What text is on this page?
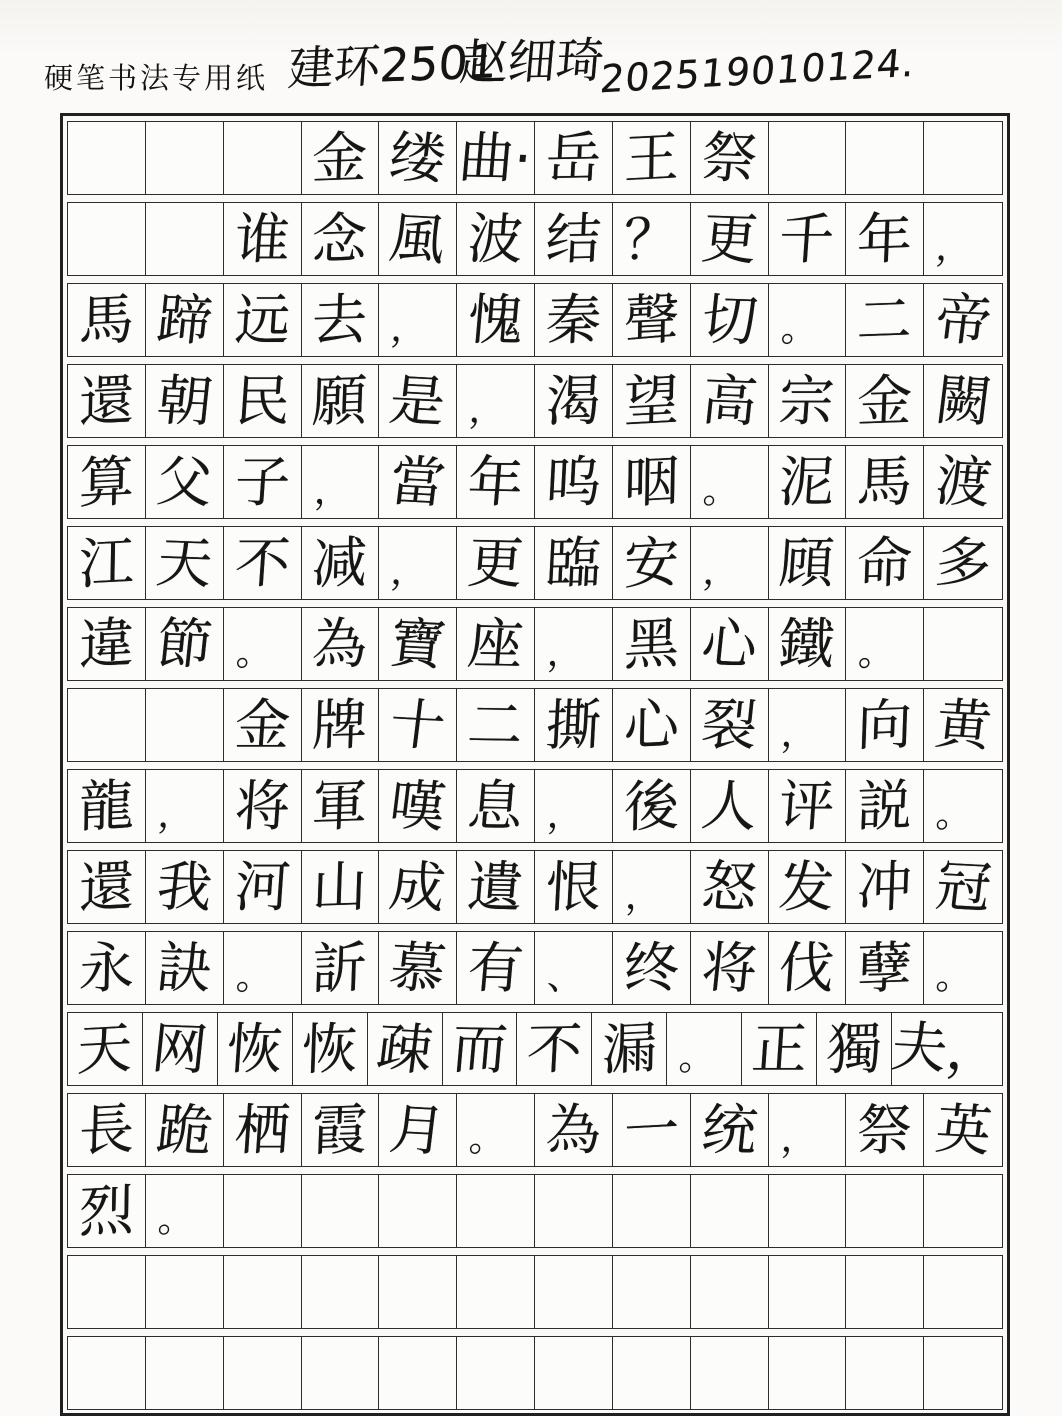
硬笔书法专用纸 建环2501
赵细琦
202519010124.
金 缕 曲· 岳 王 祭
谁 念 風 波 结 ？ 更 千 年 ，
馬 蹄 远 去 ， 愧 秦 聲 切 。 二 帝
還 朝 民 願 是 ， 渴 望 高 宗 金 闕
算 父 子 ， 當 年 呜 咽 。 泥 馬 渡
江 天 不 减 ， 更 臨 安 ， 頋 命 多
違 節 。 為 寶 座 ， 黑 心 鐵 。
金 牌 十 二 撕 心 裂 ， 向 黄
龍 ， 将 軍 嘆 息 ， 後 人 评 説 。
還 我 河 山 成 遺 恨 ， 怒 发 冲 冠
永 訣 。 訢 慕 有 、 终 将 伐 孽 。
天 网 恢 恢 疎 而 不 漏 。 正 獨 夫，
長 跪 栖 霞 月 。 為 一 统 ， 祭 英
烈 。
